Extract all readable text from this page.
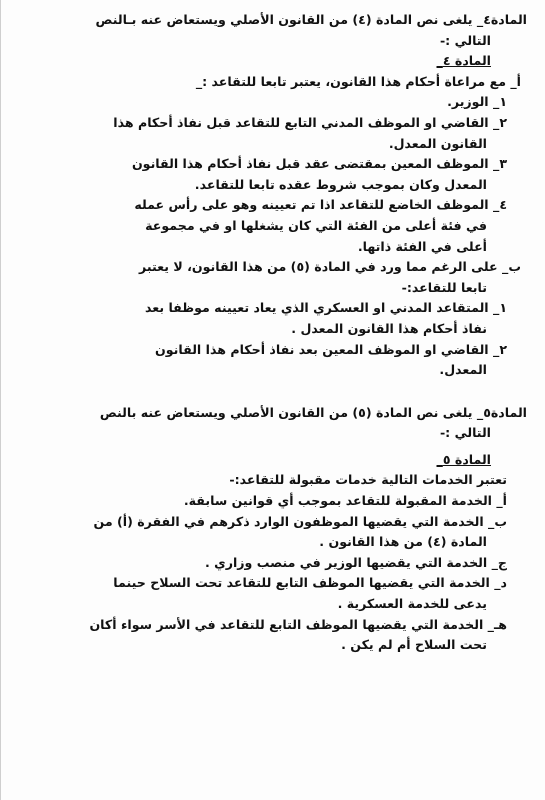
المادة٤_ يلغى نص المادة (٤) من القانون الأصلي ويستعاض عنه بـالنص
التالي :-
المادة ٤_
أ_ مع مراعاة أحكام هذا القانون، يعتبر تابعا للتقاعد :_
١_ الوزير.
٢_ القاضي او الموظف المدني التابع للتقاعد قبل نفاذ أحكام هذا
القانون المعدل.
٣_ الموظف المعين بمقتضى عقد قبل نفاذ أحكام هذا القانون
المعدل وكان بموجب شروط عقده تابعا للتقاعد.
٤_ الموظف الخاضع للتقاعد اذا تم تعيينه وهو على رأس عمله
في فئة أعلى من الفئة التي كان يشغلها او في مجموعة
أعلى في الفئة ذاتها.
ب_ على الرغم مما ورد في المادة (٥) من هذا القانون، لا يعتبر
تابعا للتقاعد:-
١_ المتقاعد المدني او العسكري الذي يعاد تعيينه موظفا بعد
نفاذ أحكام هذا القانون المعدل .
٢_ القاضي او الموظف المعين بعد نفاذ أحكام هذا القانون
المعدل.
المادة٥_ يلغى نص المادة (٥) من القانون الأصلي ويستعاض عنه بالنص
التالي :-
المادة ٥_
تعتبر الخدمات التالية خدمات مقبولة للتقاعد:-
أ_ الخدمة المقبولة للتقاعد بموجب أي قوانين سابقة.
ب_ الخدمة التي يقضيها الموظفون الوارد ذكرهم في الفقرة (أ) من
المادة (٤) من هذا القانون .
ج_ الخدمة التي يقضيها الوزير في منصب وزاري .
د_ الخدمة التي يقضيها الموظف التابع للتقاعد تحت السلاح حينما
يدعى للخدمة العسكرية .
هـ_ الخدمة التي يقضيها الموظف التابع للتقاعد في الأسر سواء أكان
تحت السلاح أم لم يكن .
